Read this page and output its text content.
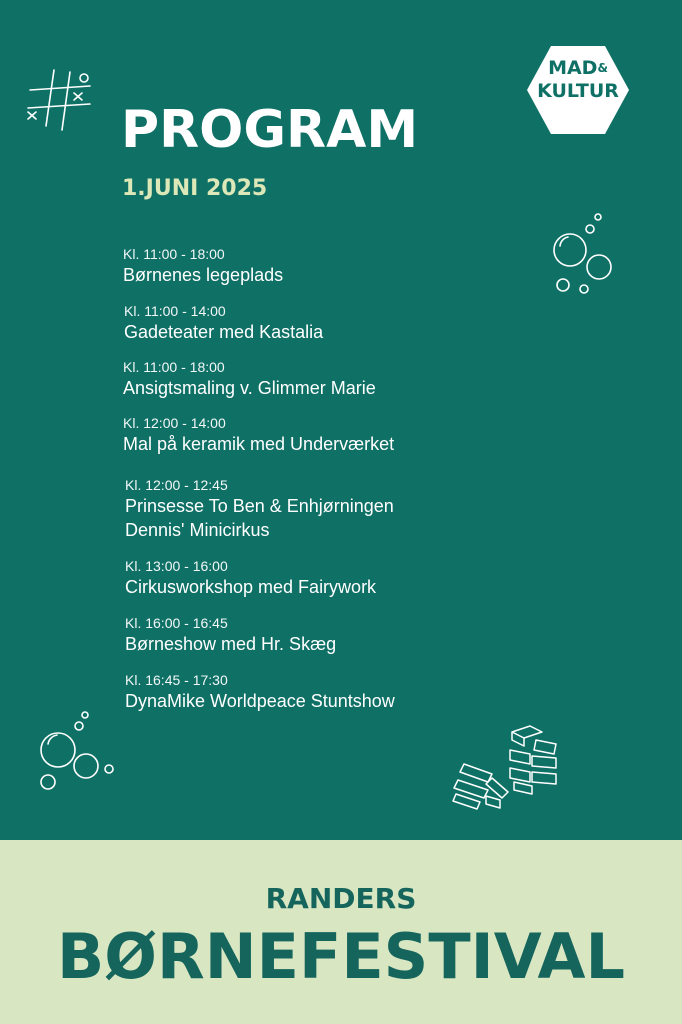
MAD&
KULTUR
PROGRAM
1.JUNI 2025
Kl. 11:00 - 18:00
Børnenes legeplads
Kl. 11:00 - 14:00
Gadeteater med Kastalia
Kl. 11:00 - 18:00
Ansigtsmaling v. Glimmer Marie
Kl. 12:00 - 14:00
Mal på keramik med Underværket
Kl. 12:00 - 12:45
Prinsesse To Ben & Enhjørningen
Dennis' Minicirkus
Kl. 13:00 - 16:00
Cirkusworkshop med Fairywork
Kl. 16:00 - 16:45
Børneshow med Hr. Skæg
Kl. 16:45 - 17:30
DynaMike Worldpeace Stuntshow
RANDERS
BØRNEFESTIVAL
